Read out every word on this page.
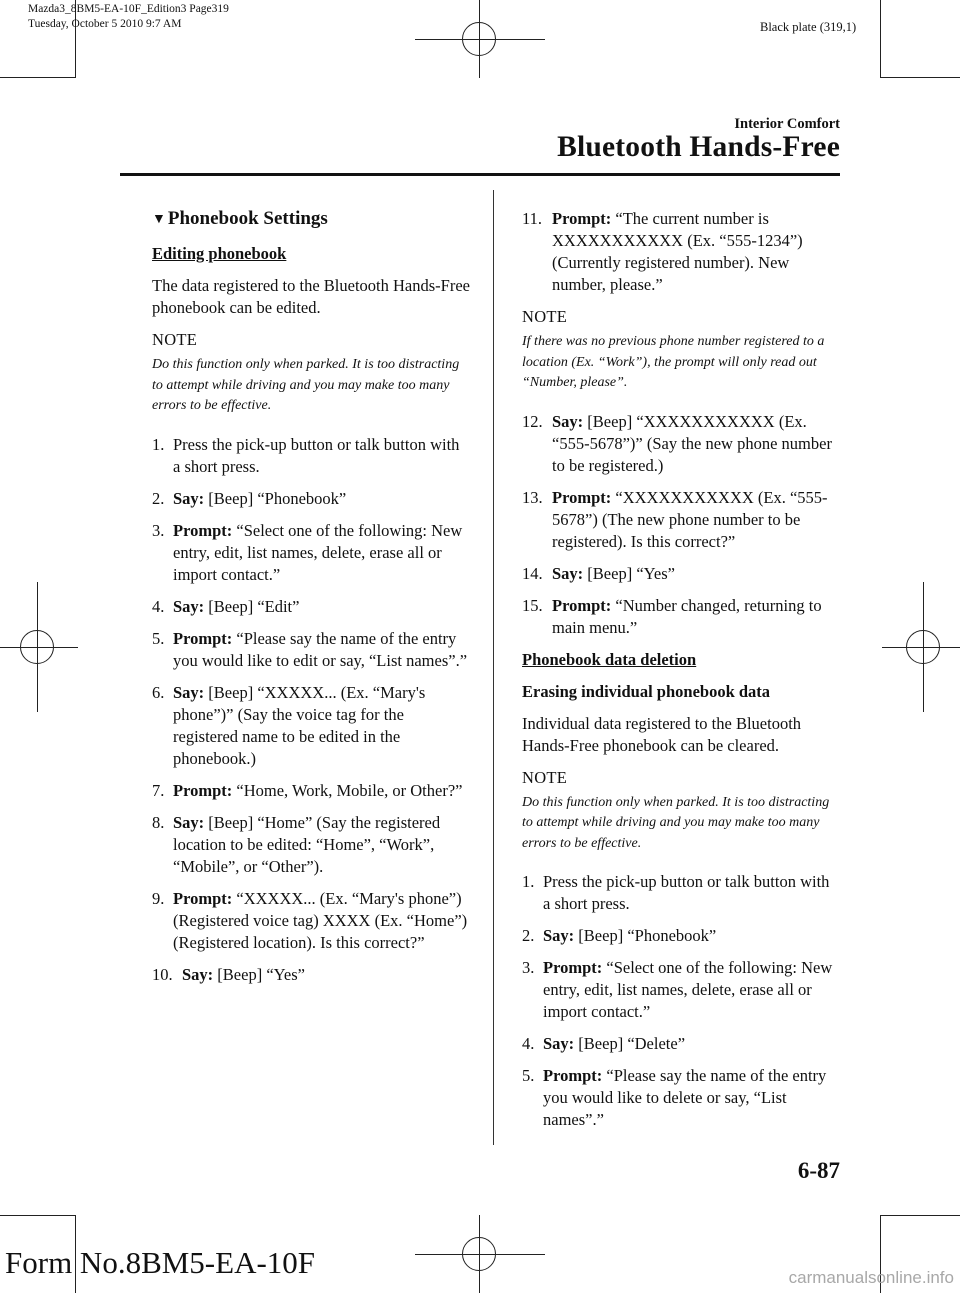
Mazda3_8BM5-EA-10F_Edition3 Page319
Tuesday, October 5 2010 9:7 AM	Black plate (319,1)
Interior Comfort
Bluetooth Hands-Free
▼ Phonebook Settings
Editing phonebook
The data registered to the Bluetooth Hands-Free phonebook can be edited.
NOTE
Do this function only when parked. It is too distracting to attempt while driving and you may make too many errors to be effective.
1. Press the pick-up button or talk button with a short press.
2. Say: [Beep] “Phonebook”
3. Prompt: “Select one of the following: New entry, edit, list names, delete, erase all or import contact.”
4. Say: [Beep] “Edit”
5. Prompt: “Please say the name of the entry you would like to edit or say, “List names”.”
6. Say: [Beep] “XXXXX... (Ex. “Mary's phone”)” (Say the voice tag for the registered name to be edited in the phonebook.)
7. Prompt: “Home, Work, Mobile, or Other?”
8. Say: [Beep] “Home” (Say the registered location to be edited: “Home”, “Work”, “Mobile”, or “Other”).
9. Prompt: “XXXXX... (Ex. “Mary's phone”) (Registered voice tag) XXXX (Ex. “Home”) (Registered location). Is this correct?”
10. Say: [Beep] “Yes”
11. Prompt: “The current number is XXXXXXXXXXX (Ex. “555-1234”) (Currently registered number). New number, please.”
NOTE
If there was no previous phone number registered to a location (Ex. “Work”), the prompt will only read out “Number, please”.
12. Say: [Beep] “XXXXXXXXXXX (Ex. “555-5678”)” (Say the new phone number to be registered.)
13. Prompt: “XXXXXXXXXXX (Ex. “555-5678”) (The new phone number to be registered). Is this correct?”
14. Say: [Beep] “Yes”
15. Prompt: “Number changed, returning to main menu.”
Phonebook data deletion
Erasing individual phonebook data
Individual data registered to the Bluetooth Hands-Free phonebook can be cleared.
NOTE
Do this function only when parked. It is too distracting to attempt while driving and you may make too many errors to be effective.
1. Press the pick-up button or talk button with a short press.
2. Say: [Beep] “Phonebook”
3. Prompt: “Select one of the following: New entry, edit, list names, delete, erase all or import contact.”
4. Say: [Beep] “Delete”
5. Prompt: “Please say the name of the entry you would like to delete or say, “List names”.”
6-87
Form No.8BM5-EA-10F	carmanualsonline.info
